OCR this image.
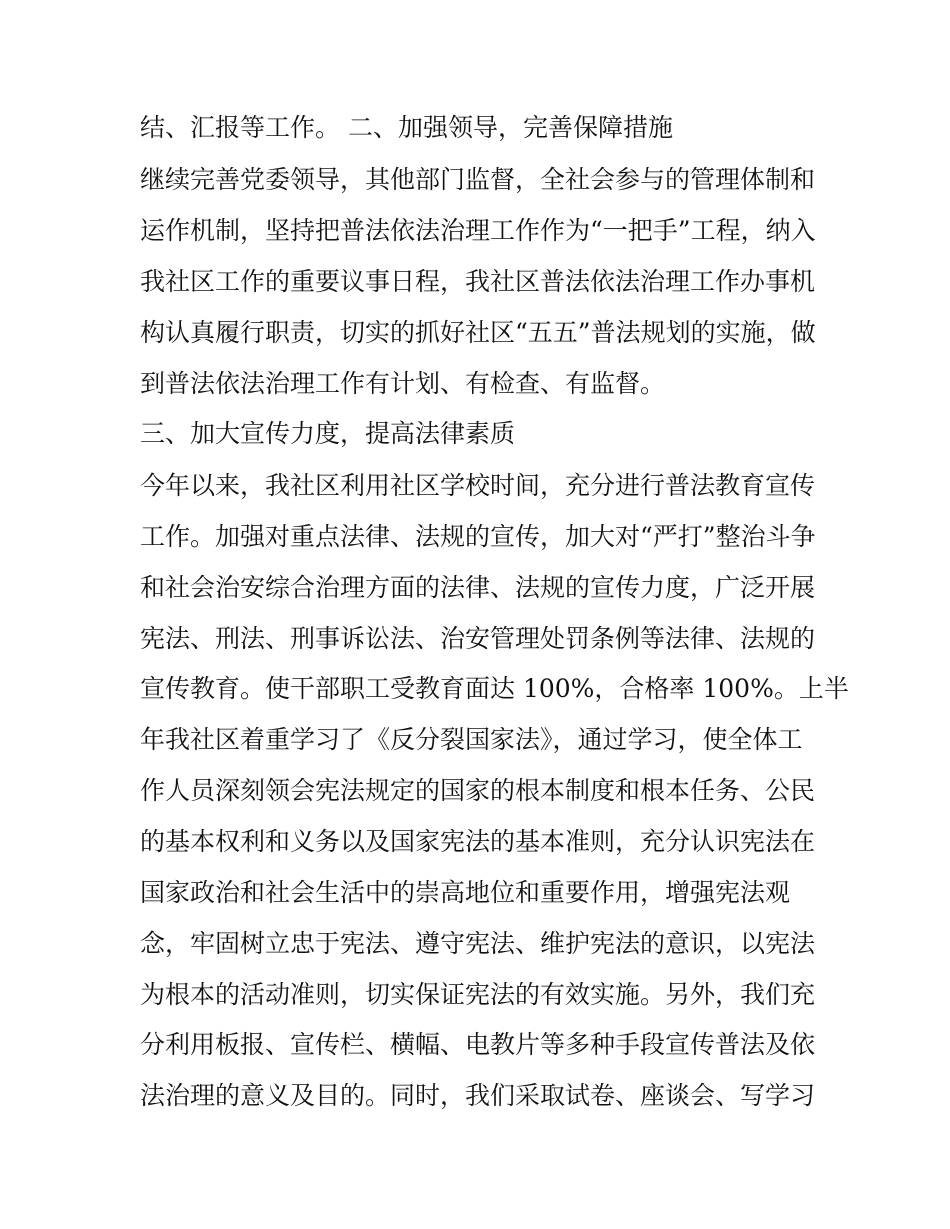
结、汇报等工作。 二、加强领导，完善保障措施
继续完善党委领导，其他部门监督，全社会参与的管理体制和
运作机制，坚持把普法依法治理工作作为“一把手”工程，纳入
我社区工作的重要议事日程，我社区普法依法治理工作办事机
构认真履行职责，切实的抓好社区“五五”普法规划的实施，做
到普法依法治理工作有计划、有检查、有监督。
三、加大宣传力度，提高法律素质
今年以来，我社区利用社区学校时间，充分进行普法教育宣传
工作。加强对重点法律、法规的宣传，加大对“严打”整治斗争
和社会治安综合治理方面的法律、法规的宣传力度，广泛开展
宪法、刑法、刑事诉讼法、治安管理处罚条例等法律、法规的
宣传教育。使干部职工受教育面达 100%，合格率 100%。上半
年我社区着重学习了《反分裂国家法》，通过学习，使全体工
作人员深刻领会宪法规定的国家的根本制度和根本任务、公民
的基本权利和义务以及国家宪法的基本准则，充分认识宪法在
国家政治和社会生活中的崇高地位和重要作用，增强宪法观
念，牢固树立忠于宪法、遵守宪法、维护宪法的意识，以宪法
为根本的活动准则，切实保证宪法的有效实施。另外，我们充
分利用板报、宣传栏、横幅、电教片等多种手段宣传普法及依
法治理的意义及目的。同时，我们采取试卷、座谈会、写学习
